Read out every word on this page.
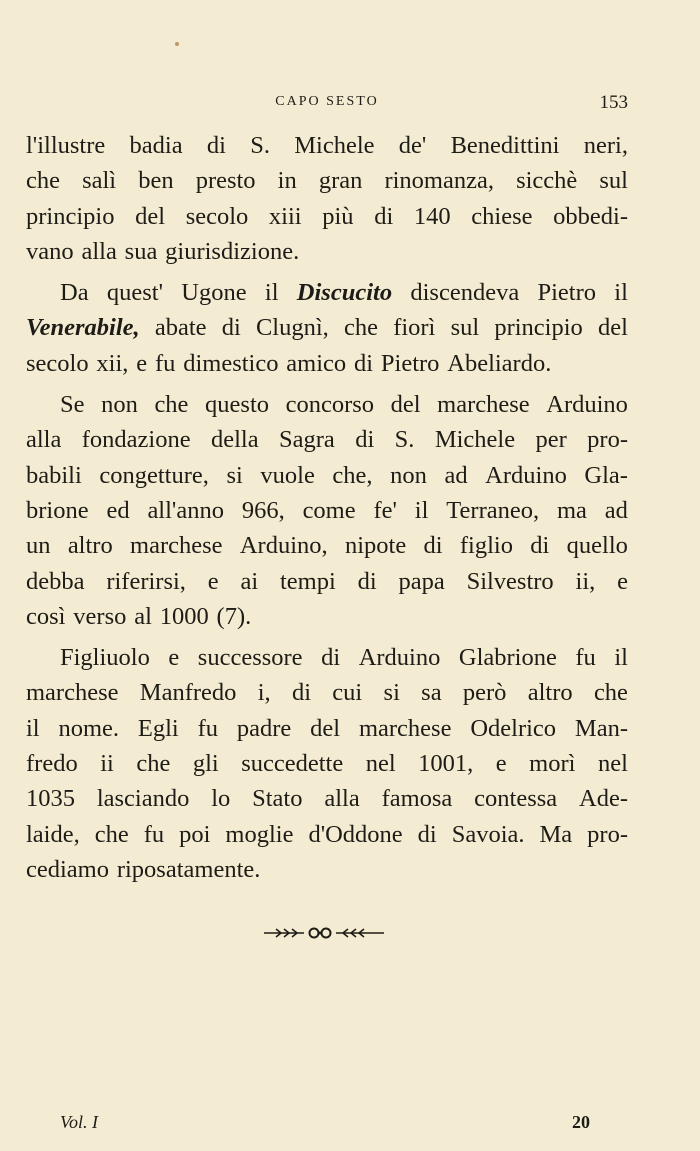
CAPO SESTO	153
l'illustre badia di S. Michele de' Benedittini neri,
che salì ben presto in gran rinomanza, sicchè sul
principio del secolo xiii più di 140 chiese obbedi-
vano alla sua giurisdizione.
Da quest' Ugone il Discucito discendeva Pietro il
Venerabile, abate di Clugnì, che fiorì sul principio del
secolo xii, e fu dimestico amico di Pietro Abeliardo.
Se non che questo concorso del marchese Arduino
alla fondazione della Sagra di S. Michele per pro-
babili congetture, si vuole che, non ad Arduino Gla-
brione ed all'anno 966, come fe' il Terraneo, ma ad
un altro marchese Arduino, nipote di figlio di quello
debba riferirsi, e ai tempi di papa Silvestro ii, e
così verso al 1000 (7).
Figliuolo e successore di Arduino Glabrione fu il
marchese Manfredo i, di cui si sa però altro che
il nome. Egli fu padre del marchese Odelrico Man-
fredo ii che gli succedette nel 1001, e morì nel
1035 lasciando lo Stato alla famosa contessa Ade-
laide, che fu poi moglie d'Oddone di Savoia. Ma pro-
cediamo riposatamente.
Vol. I	20
